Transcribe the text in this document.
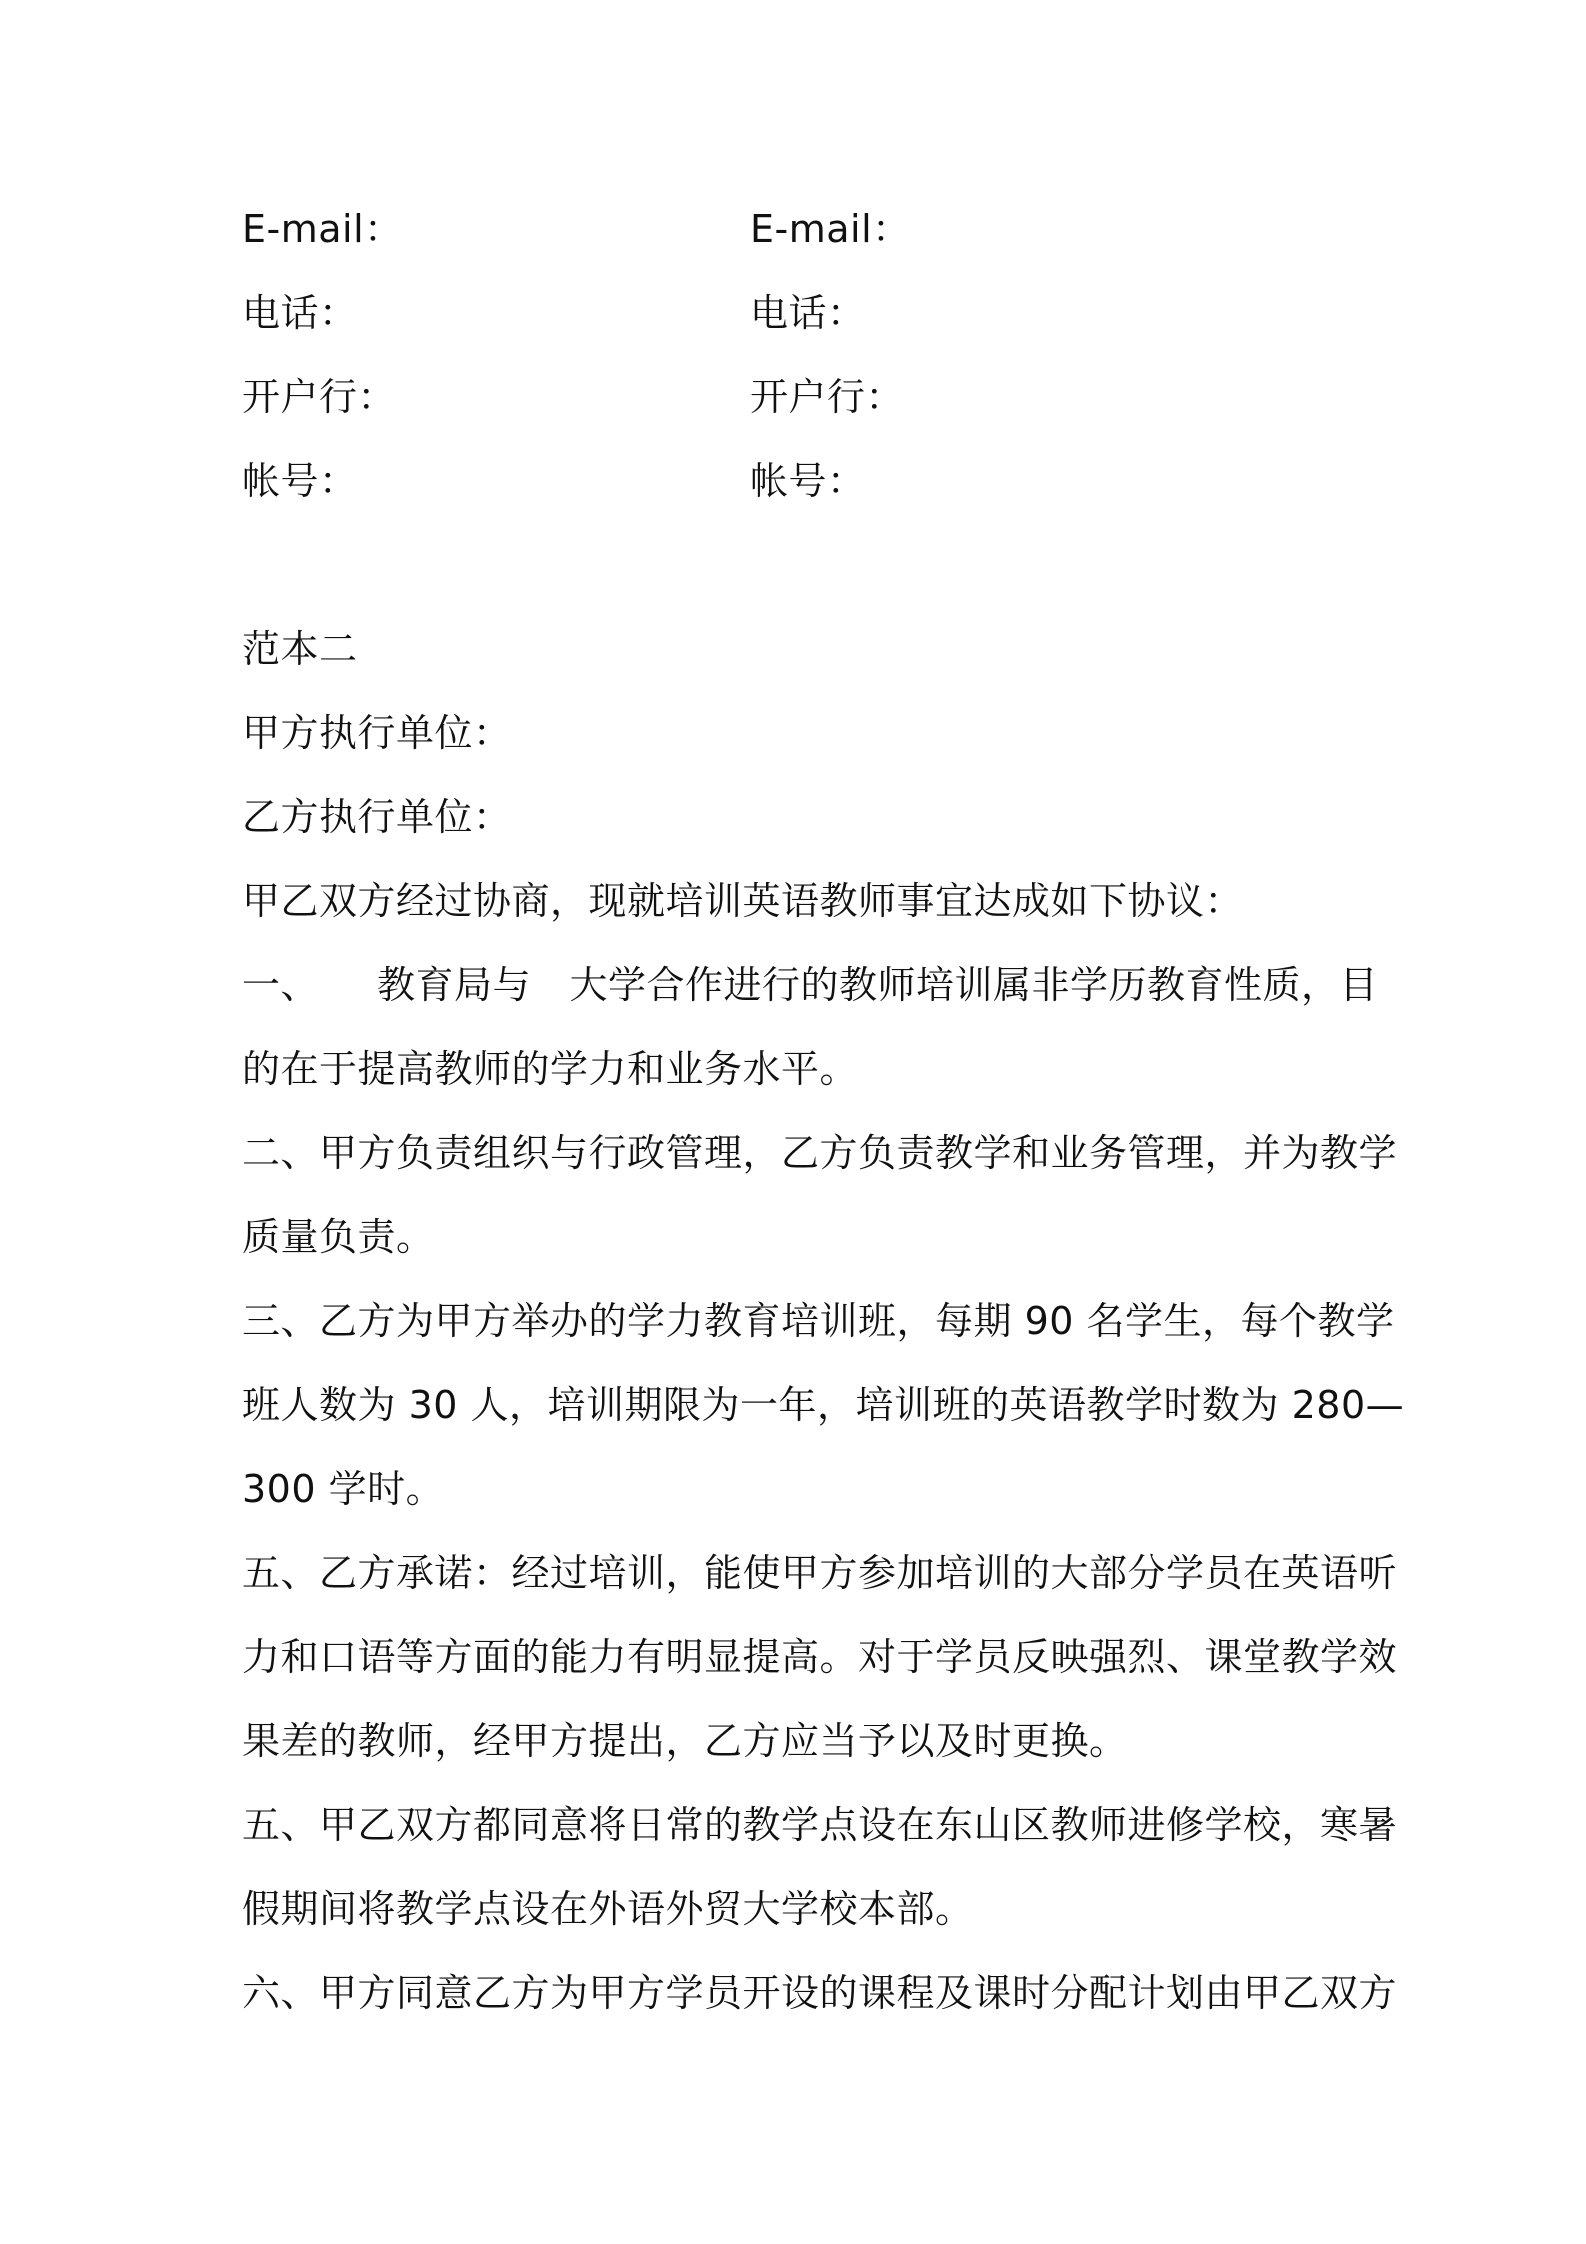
E-mail：
电话：
开户行：
帐号：
E-mail：
电话：
开户行：
帐号：
范本二
甲方执行单位：
乙方执行单位：
甲乙双方经过协商，现就培训英语教师事宜达成如下协议：
一、　　教育局与　大学合作进行的教师培训属非学历教育性质，目
的在于提高教师的学力和业务水平。
二、甲方负责组织与行政管理，乙方负责教学和业务管理，并为教学
质量负责。
三、乙方为甲方举办的学力教育培训班，每期 90 名学生，每个教学
班人数为 30 人，培训期限为一年，培训班的英语教学时数为 280—
300 学时。
五、乙方承诺：经过培训，能使甲方参加培训的大部分学员在英语听
力和口语等方面的能力有明显提高。对于学员反映强烈、课堂教学效
果差的教师，经甲方提出，乙方应当予以及时更换。
五、甲乙双方都同意将日常的教学点设在东山区教师进修学校，寒暑
假期间将教学点设在外语外贸大学校本部。
六、甲方同意乙方为甲方学员开设的课程及课时分配计划由甲乙双方
